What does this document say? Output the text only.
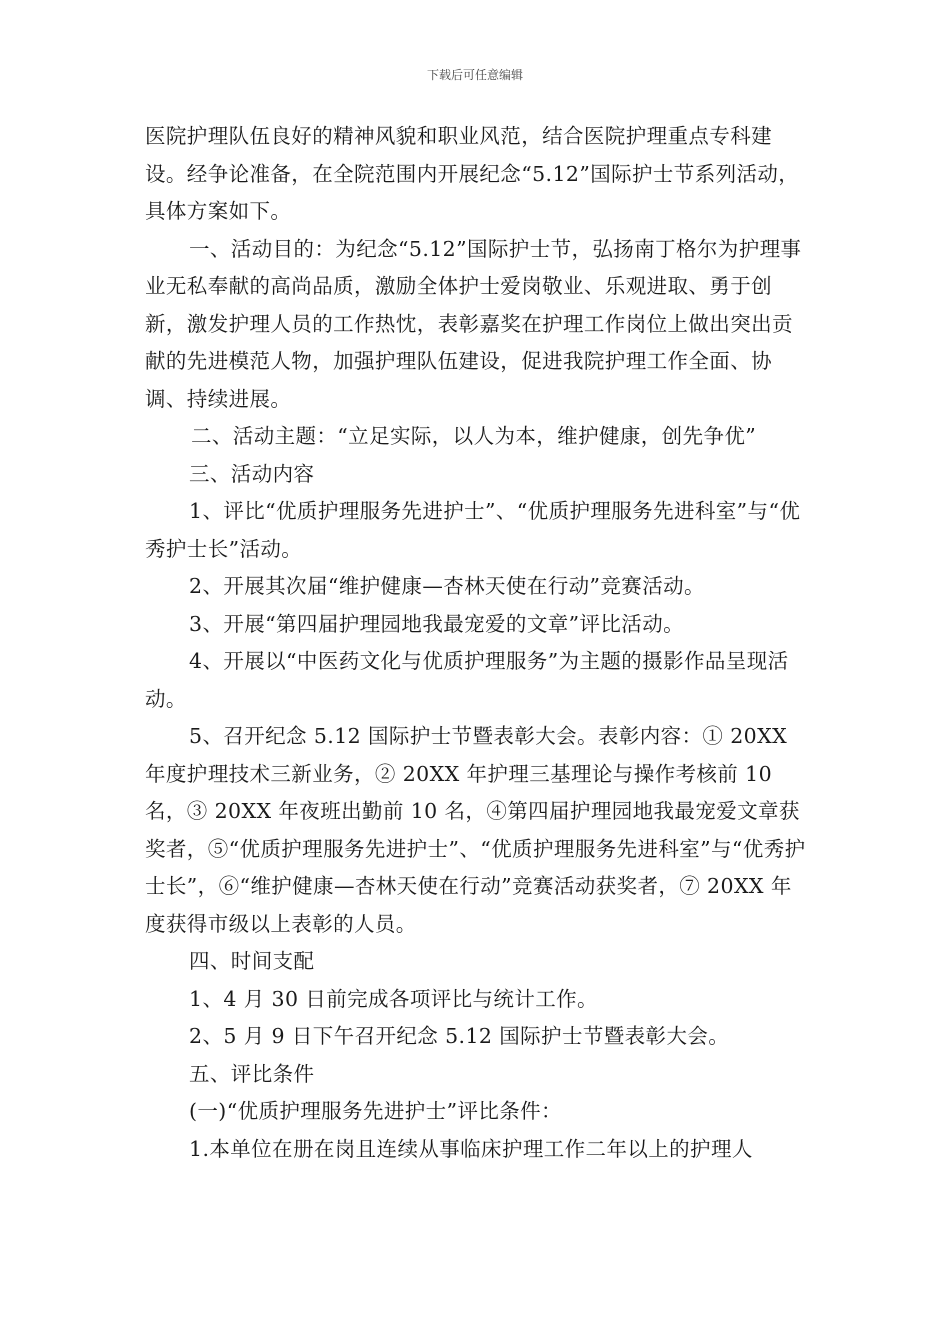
下载后可任意编辑

医院护理队伍良好的精神风貌和职业风范，结合医院护理重点专科建设。经争论准备，在全院范围内开展纪念“5.12”国际护士节系列活动，具体方案如下。

一、活动目的：为纪念“5.12”国际护士节，弘扬南丁格尔为护理事业无私奉献的高尚品质，激励全体护士爱岗敬业、乐观进取、勇于创新，激发护理人员的工作热忱，表彰嘉奖在护理工作岗位上做出突出贡献的先进模范人物，加强护理队伍建设，促进我院护理工作全面、协调、持续进展。

二、活动主题：“立足实际，以人为本，维护健康，创先争优”

三、活动内容

1、评比“优质护理服务先进护士”、“优质护理服务先进科室”与“优秀护士长”活动。

2、开展其次届“维护健康—杏林天使在行动”竞赛活动。

3、开展“第四届护理园地我最宠爱的文章”评比活动。

4、开展以“中医药文化与优质护理服务”为主题的摄影作品呈现活动。

5、召开纪念 5.12 国际护士节暨表彰大会。表彰内容：① 20XX 年度护理技术三新业务，② 20XX 年护理三基理论与操作考核前 10 名，③ 20XX 年夜班出勤前 10 名，④第四届护理园地我最宠爱文章获奖者，⑤“优质护理服务先进护士”、“优质护理服务先进科室”与“优秀护士长”，⑥“维护健康—杏林天使在行动”竞赛活动获奖者，⑦ 20XX 年度获得市级以上表彰的人员。

四、时间支配

1、4 月 30 日前完成各项评比与统计工作。

2、5 月 9 日下午召开纪念 5.12 国际护士节暨表彰大会。

五、评比条件

(一)“优质护理服务先进护士”评比条件：

1.本单位在册在岗且连续从事临床护理工作二年以上的护理人
